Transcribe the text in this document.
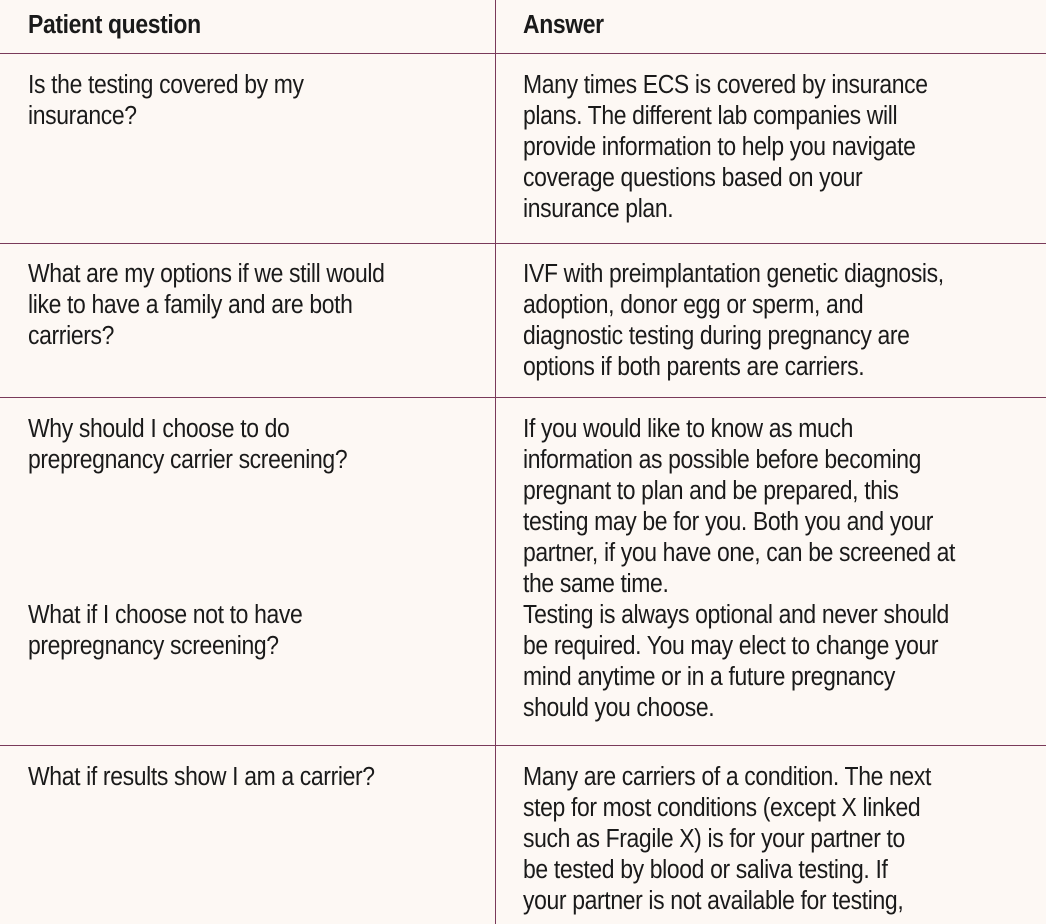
Patient question	Answer
Is the testing covered by my
insurance?
Many times ECS is covered by insurance
plans. The different lab companies will
provide information to help you navigate
coverage questions based on your
insurance plan.
What are my options if we still would
like to have a family and are both
carriers?
IVF with preimplantation genetic diagnosis,
adoption, donor egg or sperm, and
diagnostic testing during pregnancy are
options if both parents are carriers.
Why should I choose to do
prepregnancy carrier screening?
If you would like to know as much
information as possible before becoming
pregnant to plan and be prepared, this
testing may be for you. Both you and your
partner, if you have one, can be screened at
the same time.
What if I choose not to have
prepregnancy screening?
Testing is always optional and never should
be required. You may elect to change your
mind anytime or in a future pregnancy
should you choose.
What if results show I am a carrier?	Many are carriers of a condition. The next
step for most conditions (except X linked
such as Fragile X) is for your partner to
be tested by blood or saliva testing. If
your partner is not available for testing,
